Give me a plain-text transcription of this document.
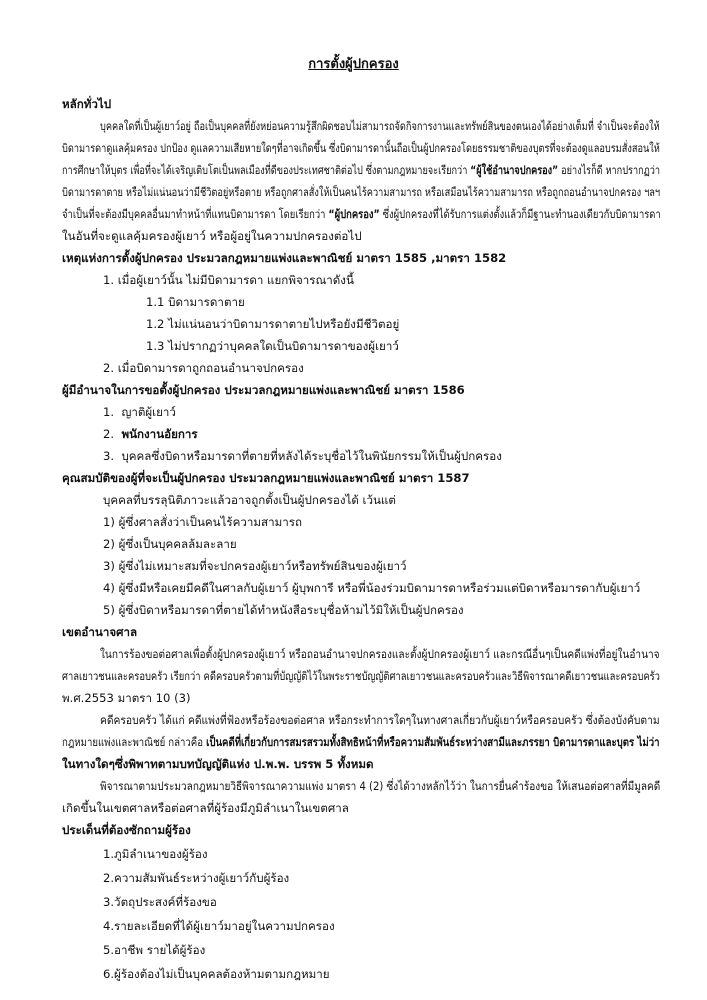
การตั้งผู้ปกครอง
หลักทั่วไป
บุคคลใดที่เป็นผู้เยาว์อยู่ ถือเป็นบุคคลที่ยังหย่อนความรู้สึกผิดชอบไม่สามารถจัดกิจการงานและทรัพย์สินของตนเองได้อย่างเต็มที่ จำเป็นจะต้องให้
บิดามารดาดูแลคุ้มครอง ปกป้อง ดูแลความเสียหายใดๆที่อาจเกิดขึ้น ซึ่งบิดามารดานั้นถือเป็นผู้ปกครองโดยธรรมชาติของบุตรที่จะต้องดูแลอบรมสั่งสอนให้
การศึกษาให้บุตร เพื่อที่จะได้เจริญเติบโตเป็นพลเมืองที่ดีของประเทศชาติต่อไป ซึ่งตามกฎหมายจะเรียกว่า “ผู้ใช้อำนาจปกครอง” อย่างไรก็ดี หากปรากฏว่า
บิดามารดาตาย หรือไม่แน่นอนว่ามีชีวิตอยู่หรือตาย หรือถูกศาลสั่งให้เป็นคนไร้ความสามารถ หรือเสมือนไร้ความสามารถ หรือถูกถอนอำนาจปกครอง ฯลฯ
จำเป็นที่จะต้องมีบุคคลอื่นมาทำหน้าที่แทนบิดามารดา โดยเรียกว่า “ผู้ปกครอง” ซึ่งผู้ปกครองที่ได้รับการแต่งตั้งแล้วก็มีฐานะทำนองเดียวกับบิดามารดา
ในอันที่จะดูแลคุ้มครองผู้เยาว์ หรือผู้อยู่ในความปกครองต่อไป
เหตุแห่งการตั้งผู้ปกครอง ประมวลกฎหมายแพ่งและพาณิชย์ มาตรา 1585 ,มาตรา 1582
1. เมื่อผู้เยาว์นั้น ไม่มีบิดามารดา แยกพิจารณาดังนี้
1.1 บิดามารดาตาย
1.2 ไม่แน่นอนว่าบิดามารดาตายไปหรือยังมีชีวิตอยู่
1.3 ไม่ปรากฏว่าบุคคลใดเป็นบิดามารดาของผู้เยาว์
2. เมื่อบิดามารดาถูกถอนอำนาจปกครอง
ผู้มีอำนาจในการขอตั้งผู้ปกครอง ประมวลกฎหมายแพ่งและพาณิชย์ มาตรา 1586
1. ญาติผู้เยาว์
2. พนักงานอัยการ
3. บุคคลซึ่งบิดาหรือมารดาที่ตายที่หลังได้ระบุชื่อไว้ในพินัยกรรมให้เป็นผู้ปกครอง
คุณสมบัติของผู้ที่จะเป็นผู้ปกครอง ประมวลกฎหมายแพ่งและพาณิชย์ มาตรา 1587
บุคคลที่บรรลุนิติภาวะแล้วอาจถูกตั้งเป็นผู้ปกครองได้ เว้นแต่
1) ผู้ซึ่งศาลสั่งว่าเป็นคนไร้ความสามารถ
2) ผู้ซึ่งเป็นบุคคลล้มละลาย
3) ผู้ซึ่งไม่เหมาะสมที่จะปกครองผู้เยาว์หรือทรัพย์สินของผู้เยาว์
4) ผู้ซึ่งมีหรือเคยมีคดีในศาลกับผู้เยาว์ ผู้บุพการี หรือพี่น้องร่วมบิดามารดาหรือร่วมแต่บิดาหรือมารดากับผู้เยาว์
5) ผู้ซึ่งบิดาหรือมารดาที่ตายได้ทำหนังสือระบุชื่อห้ามไว้มิให้เป็นผู้ปกครอง
เขตอำนาจศาล
ในการร้องขอต่อศาลเพื่อตั้งผู้ปกครองผู้เยาว์ หรือถอนอำนาจปกครองและตั้งผู้ปกครองผู้เยาว์ และกรณีอื่นๆเป็นคดีแพ่งที่อยู่ในอำนาจ
ศาลเยาวชนและครอบครัว เรียกว่า คดีครอบครัวตามที่บัญญัติไว้ในพระราชบัญญัติศาลเยาวชนและครอบครัวและวิธีพิจารณาคดีเยาวชนและครอบครัว
พ.ศ.2553 มาตรา 10 (3)
คดีครอบครัว ได้แก่ คดีแพ่งที่ฟ้องหรือร้องขอต่อศาล หรือกระทำการใดๆในทางศาลเกี่ยวกับผู้เยาว์หรือครอบครัว ซึ่งต้องบังคับตาม
กฎหมายแพ่งและพาณิชย์ กล่าวคือ เป็นคดีที่เกี่ยวกับการสมรสรวมทั้งสิทธิหน้าที่หรือความสัมพันธ์ระหว่างสามีและภรรยา บิดามารดาและบุตร ไม่ว่า
ในทางใดๆซึ่งพิพาทตามบทบัญญัติแห่ง ป.พ.พ. บรรพ 5 ทั้งหมด
พิจารณาตามประมวลกฎหมายวิธีพิจารณาความแพ่ง มาตรา 4 (2) ซึ่งได้วางหลักไว้ว่า ในการยื่นคำร้องขอ ให้เสนอต่อศาลที่มีมูลคดี
เกิดขึ้นในเขตศาลหรือต่อศาลที่ผู้ร้องมีภูมิลำเนาในเขตศาล
ประเด็นที่ต้องซักถามผู้ร้อง
1.ภูมิลำเนาของผู้ร้อง
2.ความสัมพันธ์ระหว่างผู้เยาว์กับผู้ร้อง
3.วัตถุประสงค์ที่ร้องขอ
4.รายละเอียดที่ได้ผู้เยาว์มาอยู่ในความปกครอง
5.อาชีพ รายได้ผู้ร้อง
6.ผู้ร้องต้องไม่เป็นบุคคลต้องห้ามตามกฎหมาย
